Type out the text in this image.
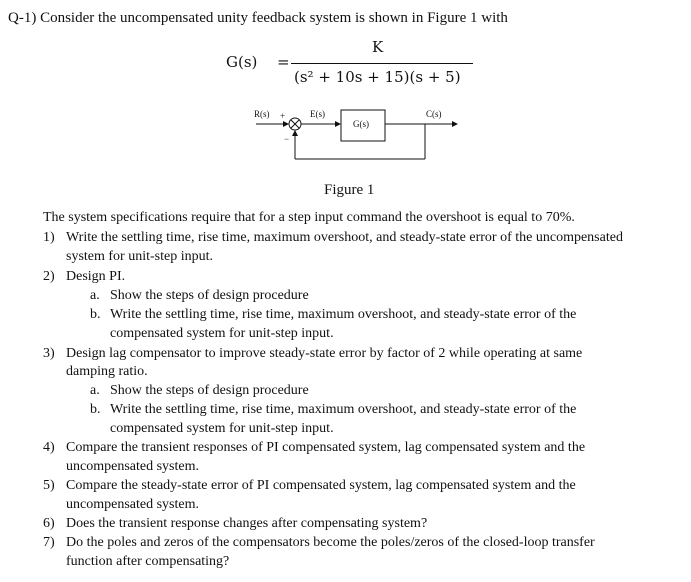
Q-1) Consider the uncompensated unity feedback system is shown in Figure 1 with
G(s) =
K
(s² + 10s + 15)(s + 5)
R(s) +
−
E(s)
G(s)
C(s)
Figure 1
The system specifications require that for a step input command the overshoot is equal to 70%.
1) Write the settling time, rise time, maximum overshoot, and steady-state error of the uncompensated
system for unit-step input.
2) Design PI.
a. Show the steps of design procedure
b. Write the settling time, rise time, maximum overshoot, and steady-state error of the
compensated system for unit-step input.
3) Design lag compensator to improve steady-state error by factor of 2 while operating at same
damping ratio.
a. Show the steps of design procedure
b. Write the settling time, rise time, maximum overshoot, and steady-state error of the
compensated system for unit-step input.
4) Compare the transient responses of PI compensated system, lag compensated system and the
uncompensated system.
5) Compare the steady-state error of PI compensated system, lag compensated system and the
uncompensated system.
6) Does the transient response changes after compensating system?
7) Do the poles and zeros of the compensators become the poles/zeros of the closed-loop transfer
function after compensating?
